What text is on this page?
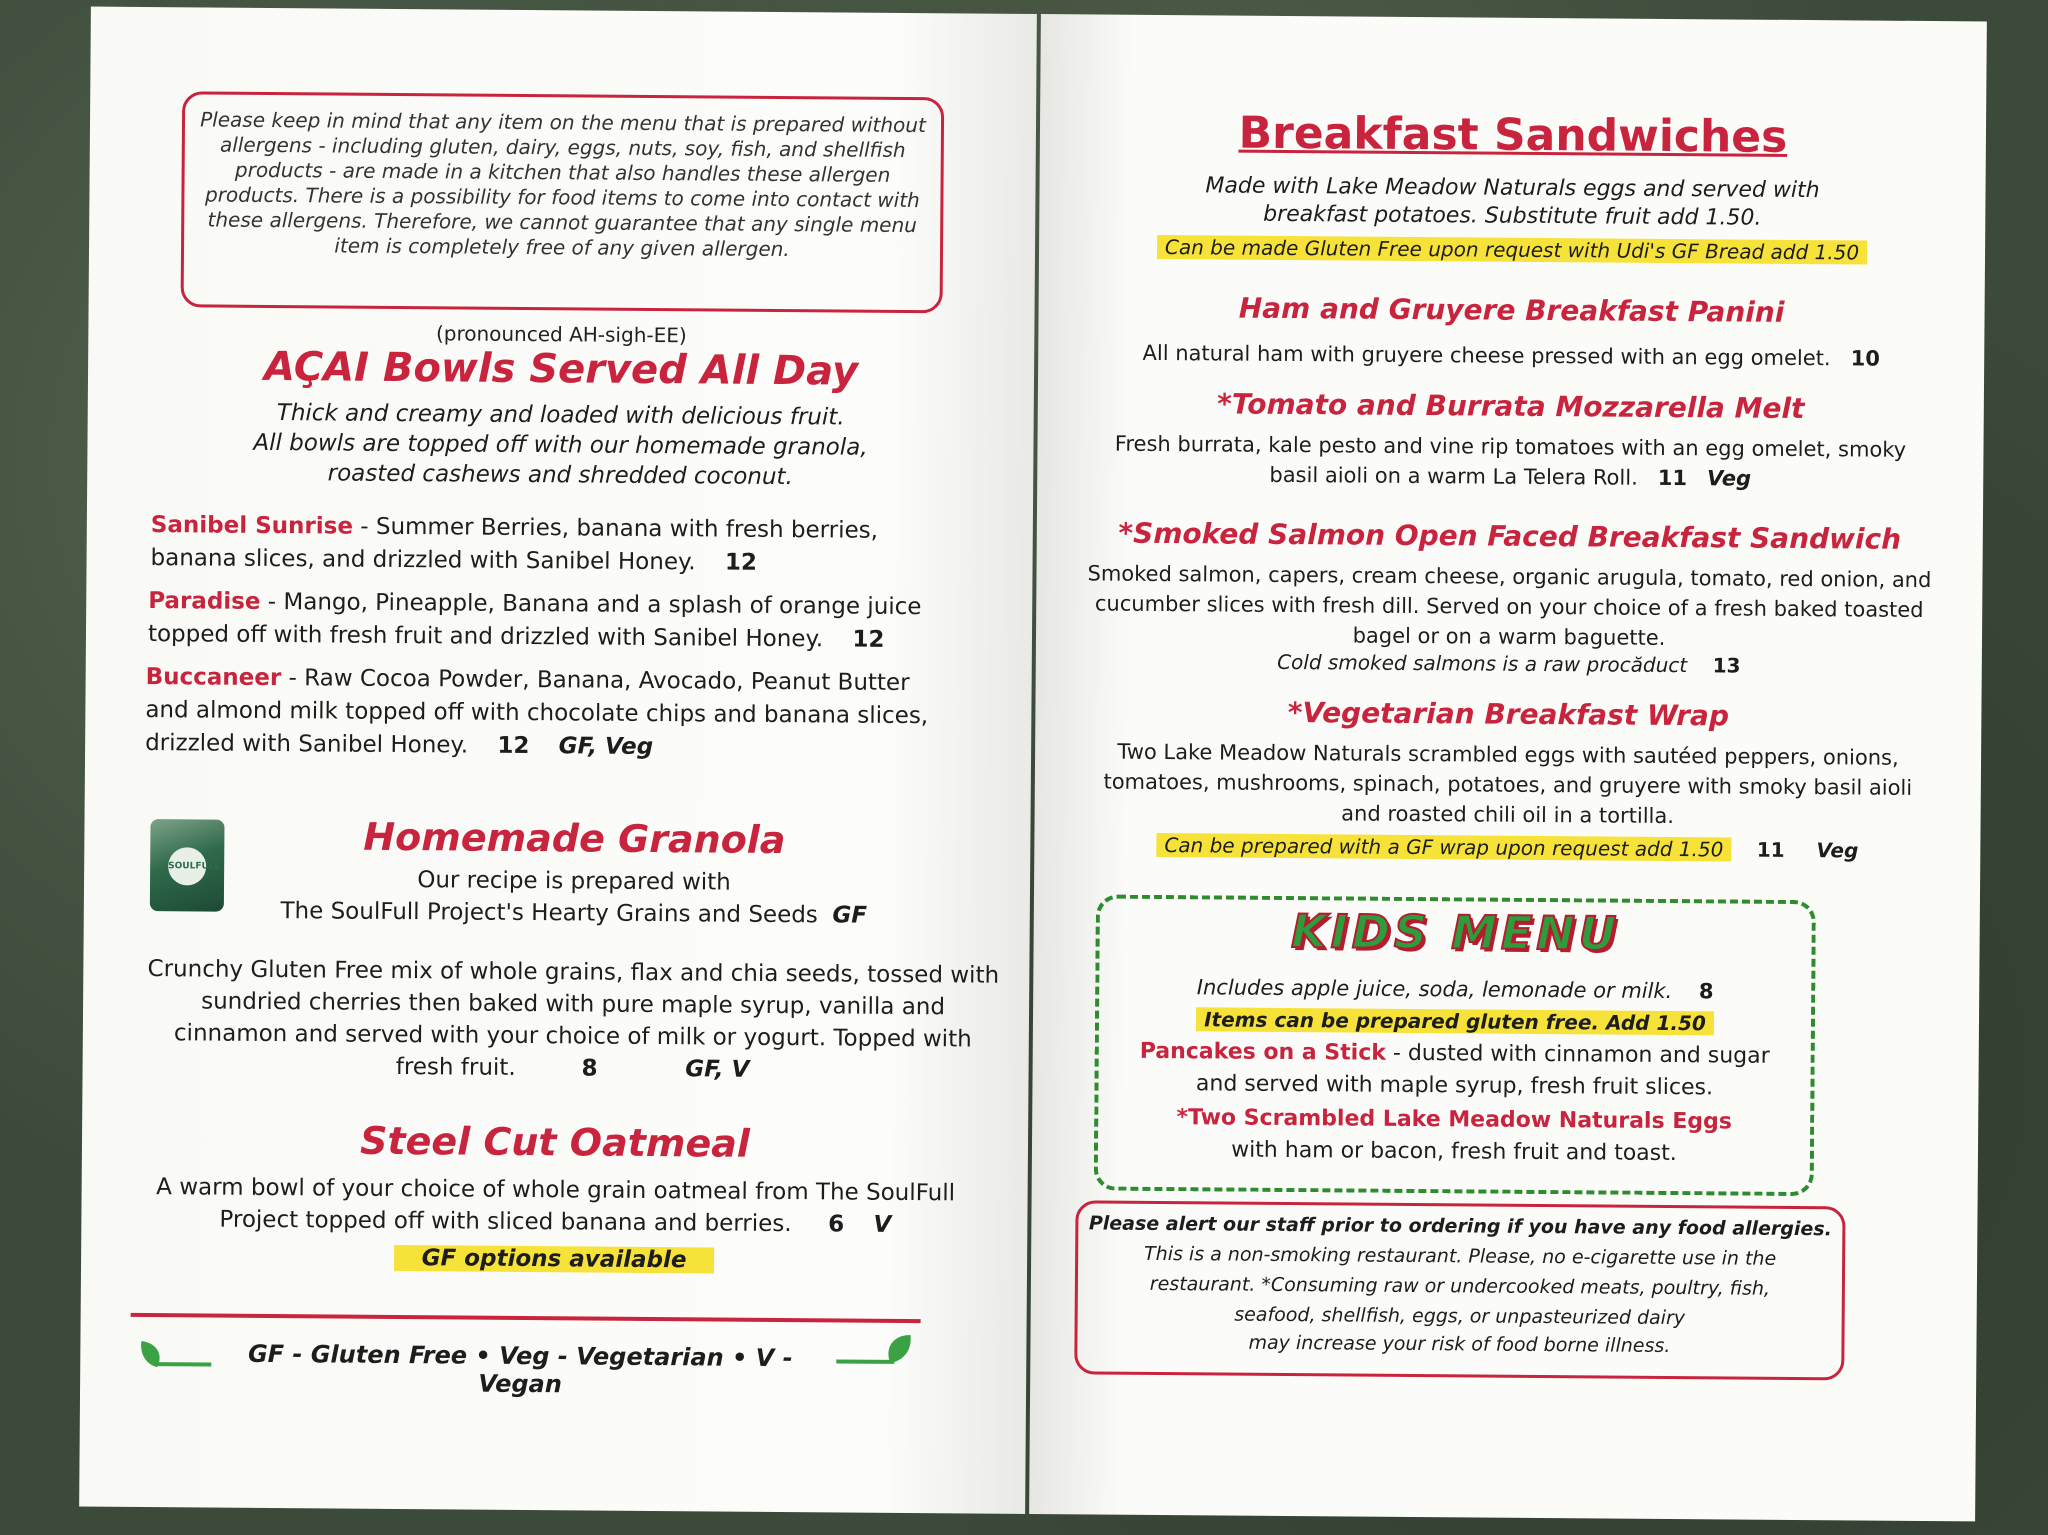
Please keep in mind that any item on the menu that is prepared without allergens - including gluten, dairy, eggs, nuts, soy, fish, and shellfish products - are made in a kitchen that also handles these allergen products. There is a possibility for food items to come into contact with these allergens. Therefore, we cannot guarantee that any single menu item is completely free of any given allergen.
(pronounced AH-sigh-EE)
AÇAI Bowls Served All Day
Thick and creamy and loaded with delicious fruit.
All bowls are topped off with our homemade granola,
roasted cashews and shredded coconut.
Sanibel Sunrise - Summer Berries, banana with fresh berries, banana slices, and drizzled with Sanibel Honey. 12
Paradise - Mango, Pineapple, Banana and a splash of orange juice topped off with fresh fruit and drizzled with Sanibel Honey. 12
Buccaneer - Raw Cocoa Powder, Banana, Avocado, Peanut Butter and almond milk topped off with chocolate chips and banana slices, drizzled with Sanibel Honey. 12 GF, Veg
SOULFULL
Homemade Granola
Our recipe is prepared with
The SoulFull Project's Hearty Grains and Seeds GF
Crunchy Gluten Free mix of whole grains, flax and chia seeds, tossed with sundried cherries then baked with pure maple syrup, vanilla and cinnamon and served with your choice of milk or yogurt. Topped with fresh fruit.	8	GF, V
Steel Cut Oatmeal
A warm bowl of your choice of whole grain oatmeal from The SoulFull Project topped off with sliced banana and berries. 6 V
GF options available
GF - Gluten Free • Veg - Vegetarian • V - Vegan
Breakfast Sandwiches
Made with Lake Meadow Naturals eggs and served with
breakfast potatoes. Substitute fruit add 1.50.
Can be made Gluten Free upon request with Udi's GF Bread add 1.50
Ham and Gruyere Breakfast Panini
All natural ham with gruyere cheese pressed with an egg omelet. 10
*Tomato and Burrata Mozzarella Melt
Fresh burrata, kale pesto and vine rip tomatoes with an egg omelet, smoky basil aioli on a warm La Telera Roll. 11 Veg
*Smoked Salmon Open Faced Breakfast Sandwich
Smoked salmon, capers, cream cheese, organic arugula, tomato, red onion, and cucumber slices with fresh dill. Served on your choice of a fresh baked toasted bagel or on a warm baguette.
Cold smoked salmons is a raw procăduct 13
*Vegetarian Breakfast Wrap
Two Lake Meadow Naturals scrambled eggs with sautéed peppers, onions, tomatoes, mushrooms, spinach, potatoes, and gruyere with smoky basil aioli and roasted chili oil in a tortilla.
Can be prepared with a GF wrap upon request add 1.50 11 Veg
KIDS MENU
Includes apple juice, soda, lemonade or milk. 8
Items can be prepared gluten free. Add 1.50
Pancakes on a Stick - dusted with cinnamon and sugar
and served with maple syrup, fresh fruit slices.
*Two Scrambled Lake Meadow Naturals Eggs
with ham or bacon, fresh fruit and toast.
Please alert our staff prior to ordering if you have any food allergies.
This is a non-smoking restaurant. Please, no e-cigarette use in the
restaurant. *Consuming raw or undercooked meats, poultry, fish,
seafood, shellfish, eggs, or unpasteurized dairy
may increase your risk of food borne illness.
